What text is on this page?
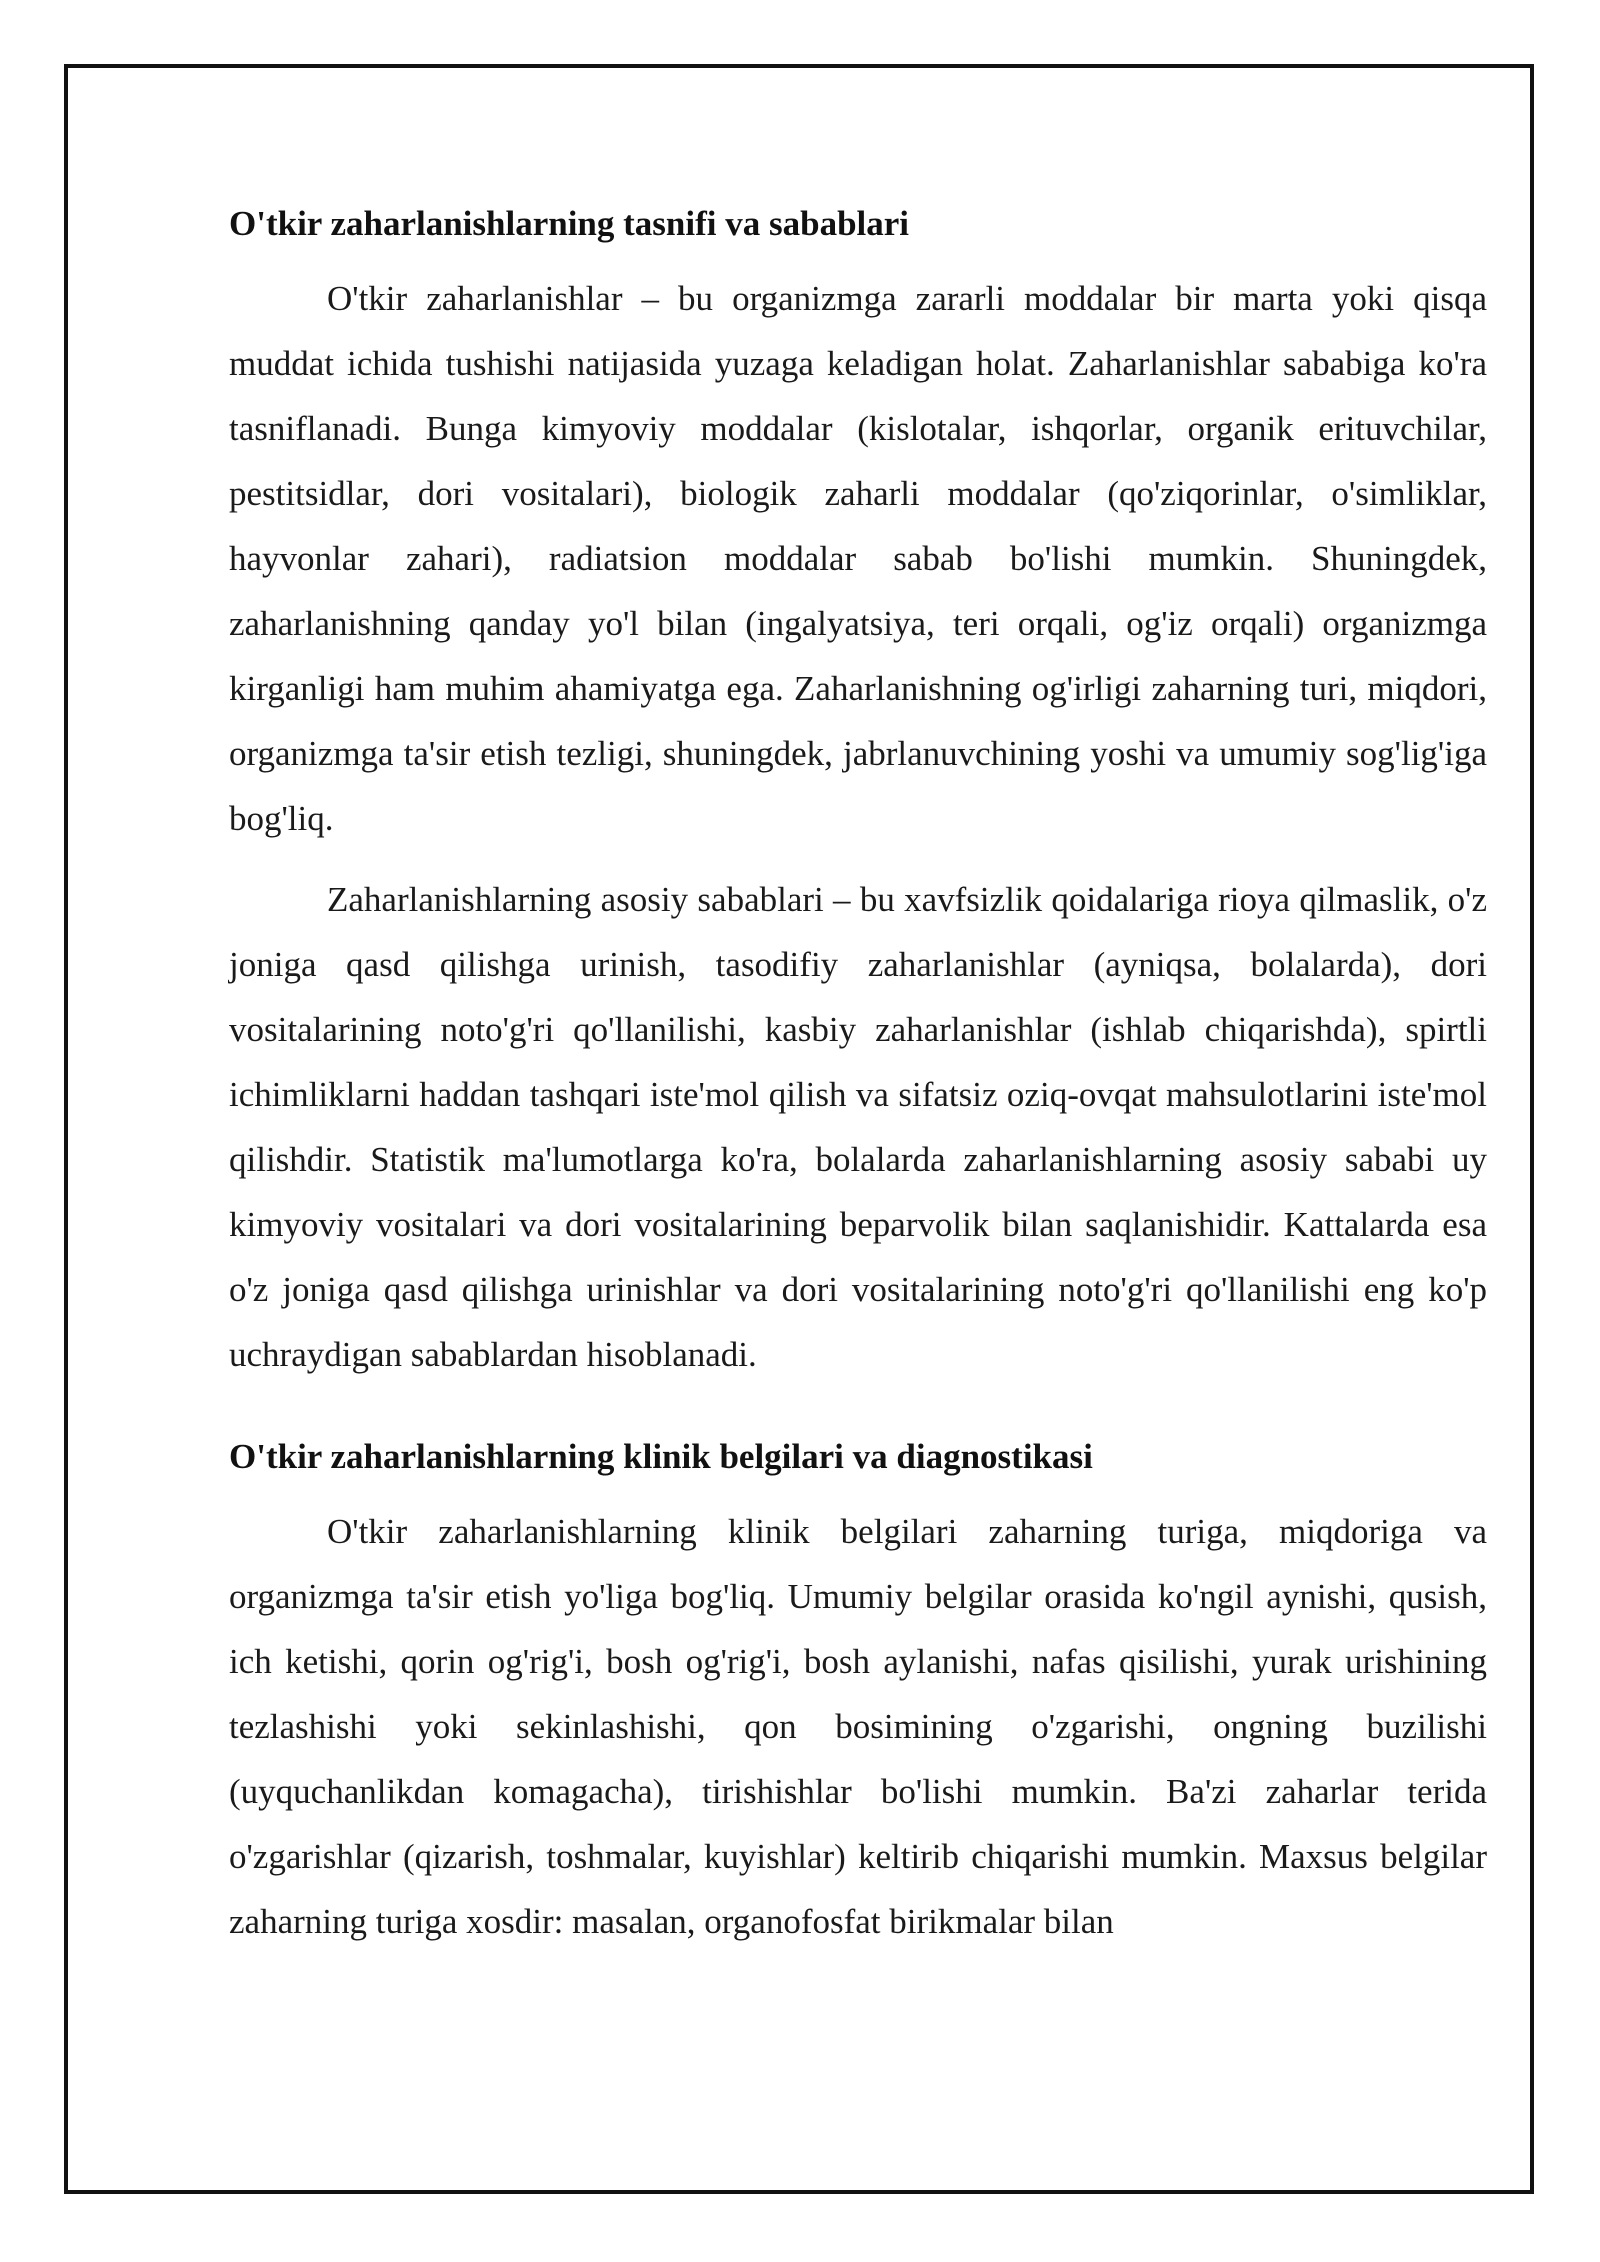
O'tkir zaharlanishlarning tasnifi va sabablari

O'tkir zaharlanishlar – bu organizmga zararli moddalar bir marta yoki qisqa muddat ichida tushishi natijasida yuzaga keladigan holat. Zaharlanishlar sababiga ko'ra tasniflanadi. Bunga kimyoviy moddalar (kislotalar, ishqorlar, organik erituvchilar, pestitsidlar, dori vositalari), biologik zaharli moddalar (qo'ziqorinlar, o'simliklar, hayvonlar zahari), radiatsion moddalar sabab bo'lishi mumkin. Shuningdek, zaharlanishning qanday yo'l bilan (ingalyatsiya, teri orqali, og'iz orqali) organizmga kirganligi ham muhim ahamiyatga ega. Zaharlanishning og'irligi zaharning turi, miqdori, organizmga ta'sir etish tezligi, shuningdek, jabrlanuvchining yoshi va umumiy sog'lig'iga bog'liq.

Zaharlanishlarning asosiy sabablari – bu xavfsizlik qoidalariga rioya qilmaslik, o'z joniga qasd qilishga urinish, tasodifiy zaharlanishlar (ayniqsa, bolalarda), dori vositalarining noto'g'ri qo'llanilishi, kasbiy zaharlanishlar (ishlab chiqarishda), spirtli ichimliklarni haddan tashqari iste'mol qilish va sifatsiz oziq-ovqat mahsulotlarini iste'mol qilishdir. Statistik ma'lumotlarga ko'ra, bolalarda zaharlanishlarning asosiy sababi uy kimyoviy vositalari va dori vositalarining beparvolik bilan saqlanishidir. Kattalarda esa o'z joniga qasd qilishga urinishlar va dori vositalarining noto'g'ri qo'llanilishi eng ko'p uchraydigan sabablardan hisoblanadi.

O'tkir zaharlanishlarning klinik belgilari va diagnostikasi

O'tkir zaharlanishlarning klinik belgilari zaharning turiga, miqdoriga va organizmga ta'sir etish yo'liga bog'liq. Umumiy belgilar orasida ko'ngil aynishi, qusish, ich ketishi, qorin og'rig'i, bosh og'rig'i, bosh aylanishi, nafas qisilishi, yurak urishining tezlashishi yoki sekinlashishi, qon bosimining o'zgarishi, ongning buzilishi (uyquchanlikdan komagacha), tirishishlar bo'lishi mumkin. Ba'zi zaharlar terida o'zgarishlar (qizarish, toshmalar, kuyishlar) keltirib chiqarishi mumkin. Maxsus belgilar zaharning turiga xosdir: masalan, organofosfat birikmalar bilan
